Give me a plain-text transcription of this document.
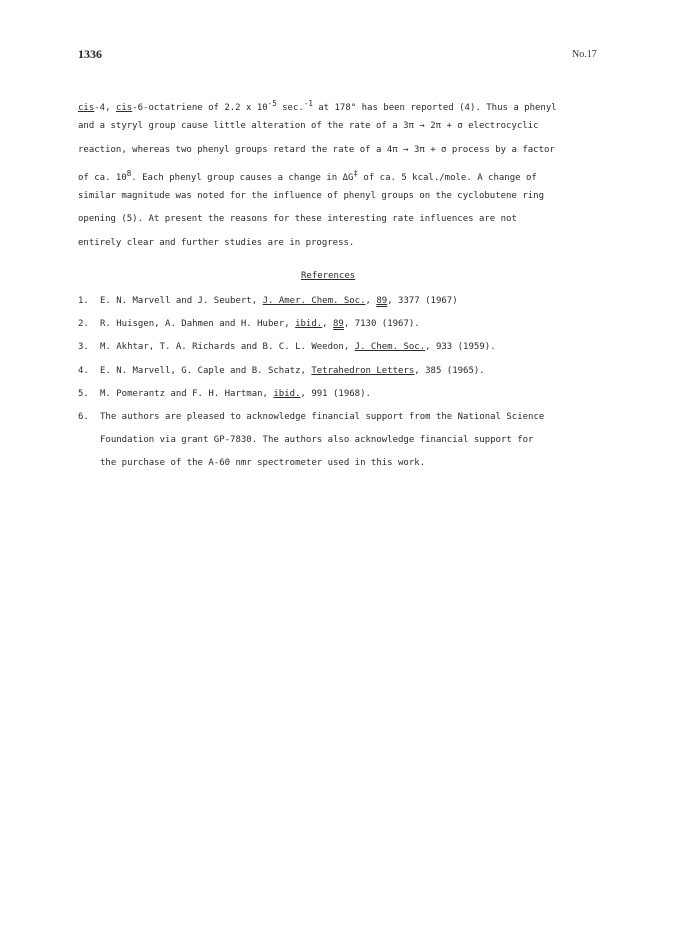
1336	No.17
cis-4, cis-6-octatriene of 2.2 x $10^{-5}$ sec.$^{-1}$ at 178° has been reported (4). Thus a phenyl
and a styryl group cause little alteration of the rate of a 3π → 2π + σ electrocyclic
reaction, whereas two phenyl groups retard the rate of a 4π → 3π + σ process by a factor
of ca. $10^8$. Each phenyl group causes a change in ΔG‡ of ca. 5 kcal./mole. A change of
similar magnitude was noted for the influence of phenyl groups on the cyclobutene ring
opening (5). At present the reasons for these interesting rate influences are not
entirely clear and further studies are in progress.
References
1. E. N. Marvell and J. Seubert, J. Amer. Chem. Soc., 89, 3377 (1967)
2. R. Huisgen, A. Dahmen and H. Huber, ibid., 89, 7130 (1967).
3. M. Akhtar, T. A. Richards and B. C. L. Weedon, J. Chem. Soc., 933 (1959).
4. E. N. Marvell, G. Caple and B. Schatz, Tetrahedron Letters, 385 (1965).
5. M. Pomerantz and F. H. Hartman, ibid., 991 (1968).
6. The authors are pleased to acknowledge financial support from the National Science
Foundation via grant GP-7830. The authors also acknowledge financial support for
the purchase of the A-60 nmr spectrometer used in this work.
